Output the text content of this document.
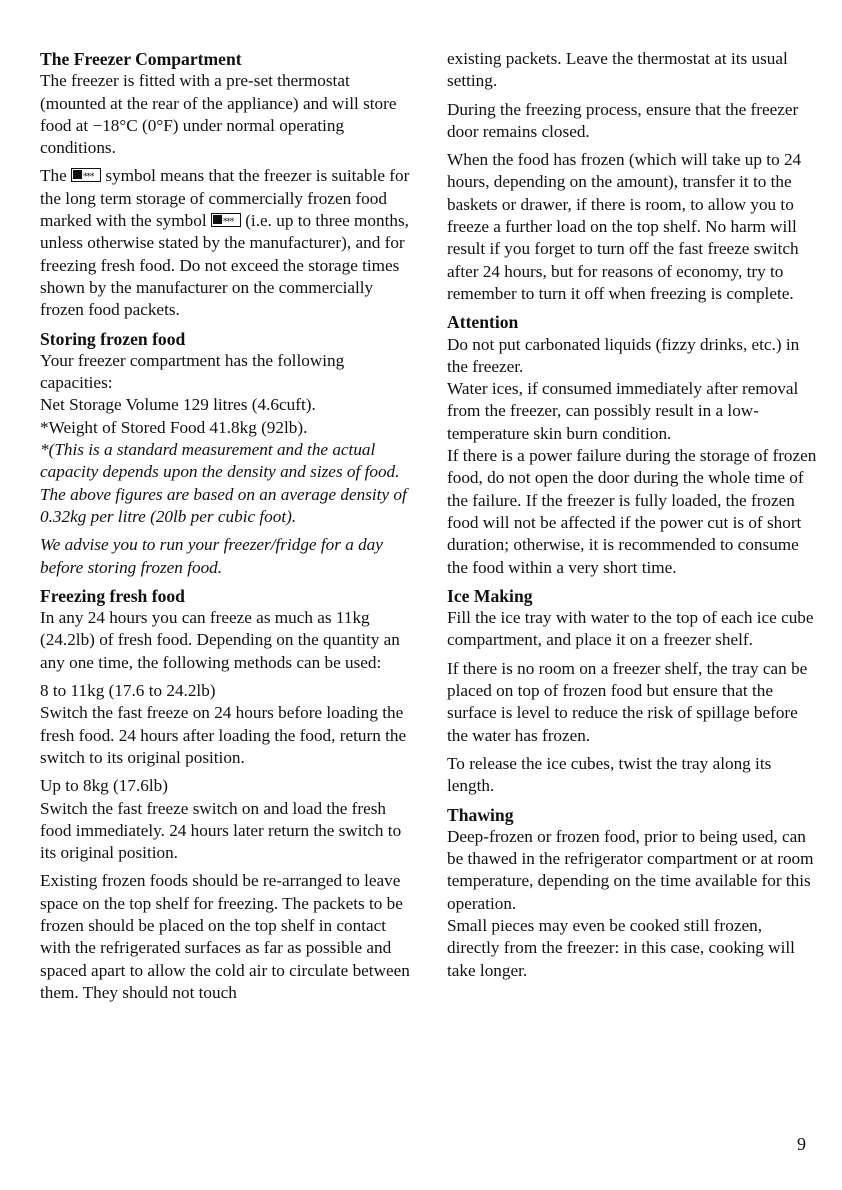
The Freezer Compartment

The freezer is fitted with a pre-set thermostat (mounted at the rear of the appliance) and will store food at −18°C (0°F) under normal operating conditions.

The *** symbol means that the freezer is suitable for the long term storage of commercially frozen food marked with the symbol *** (i.e. up to three months, unless otherwise stated by the manufacturer), and for freezing fresh food. Do not exceed the storage times shown by the manufacturer on the commercially frozen food packets.

Storing frozen food
Your freezer compartment has the following capacities:
Net Storage Volume 129 litres (4.6cuft).
*Weight of Stored Food 41.8kg (92lb).

*(This is a standard measurement and the actual capacity depends upon the density and sizes of food. The above figures are based on an average density of 0.32kg per litre (20lb per cubic foot).

We advise you to run your freezer/fridge for a day before storing frozen food.

Freezing fresh food

In any 24 hours you can freeze as much as 11kg (24.2lb) of fresh food. Depending on the quantity an any one time, the following methods can be used:

8 to 11kg (17.6 to 24.2lb)

Switch the fast freeze on 24 hours before loading the fresh food. 24 hours after loading the food, return the switch to its original position.

Up to 8kg (17.6lb)

Switch the fast freeze switch on and load the fresh food immediately. 24 hours later return the switch to its original position.

Existing frozen foods should be re-arranged to leave space on the top shelf for freezing. The packets to be frozen should be placed on the top shelf in contact with the refrigerated surfaces as far as possible and spaced apart to allow the cold air to circulate between them. They should not touch

existing packets. Leave the thermostat at its usual setting.

During the freezing process, ensure that the freezer door remains closed.

When the food has frozen (which will take up to 24 hours, depending on the amount), transfer it to the baskets or drawer, if there is room, to allow you to freeze a further load on the top shelf. No harm will result if you forget to turn off the fast freeze switch after 24 hours, but for reasons of economy, try to remember to turn it off when freezing is complete.

Attention
Do not put carbonated liquids (fizzy drinks, etc.) in the freezer.
Water ices, if consumed immediately after removal from the freezer, can possibly result in a low-temperature skin burn condition.

If there is a power failure during the storage of frozen food, do not open the door during the whole time of the failure. If the freezer is fully loaded, the frozen food will not be affected if the power cut is of short duration; otherwise, it is recommended to consume the food within a very short time.

Ice Making

Fill the ice tray with water to the top of each ice cube compartment, and place it on a freezer shelf.

If there is no room on a freezer shelf, the tray can be placed on top of frozen food but ensure that the surface is level to reduce the risk of spillage before the water has frozen.

To release the ice cubes, twist the tray along its length.

Thawing
Deep-frozen or frozen food, prior to being used, can be thawed in the refrigerator compartment or at room temperature, depending on the time available for this operation.
Small pieces may even be cooked still frozen, directly from the freezer: in this case, cooking will take longer.
9
